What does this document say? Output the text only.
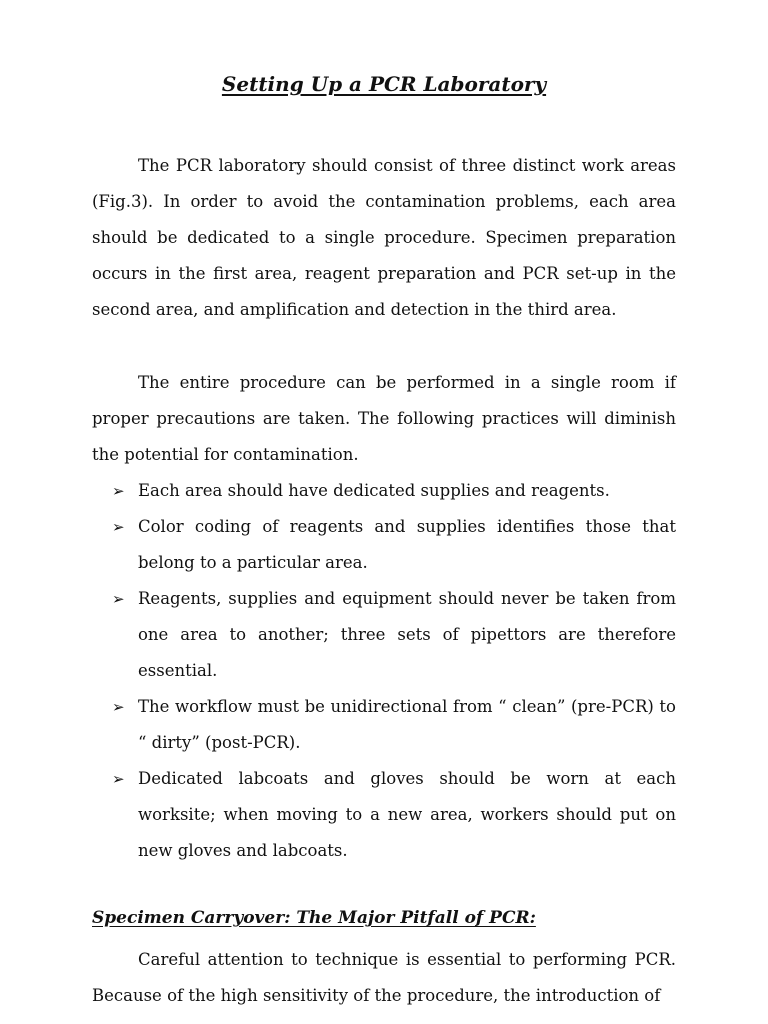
Setting Up a PCR Laboratory

The PCR laboratory should consist of three distinct work areas (Fig.3). In order to avoid the contamination problems, each area should be dedicated to a single procedure. Specimen preparation occurs in the first area, reagent preparation and PCR set-up in the second area, and amplification and detection in the third area.

The entire procedure can be performed in a single room if proper precautions are taken. The following practices will diminish the potential for contamination.

➢ Each area should have dedicated supplies and reagents.
➢ Color coding of reagents and supplies identifies those that belong to a particular area.
➢ Reagents, supplies and equipment should never be taken from one area to another; three sets of pipettors are therefore essential.
➢ The workflow must be unidirectional from “ clean” (pre-PCR) to   “ dirty” (post-PCR).
➢ Dedicated labcoats and gloves should be worn at each worksite; when moving to a new area, workers should put on new gloves and labcoats.
Specimen Carryover: The Major Pitfall of PCR:

Careful attention to technique is essential to performing PCR. Because of the high sensitivity of the procedure, the introduction of
